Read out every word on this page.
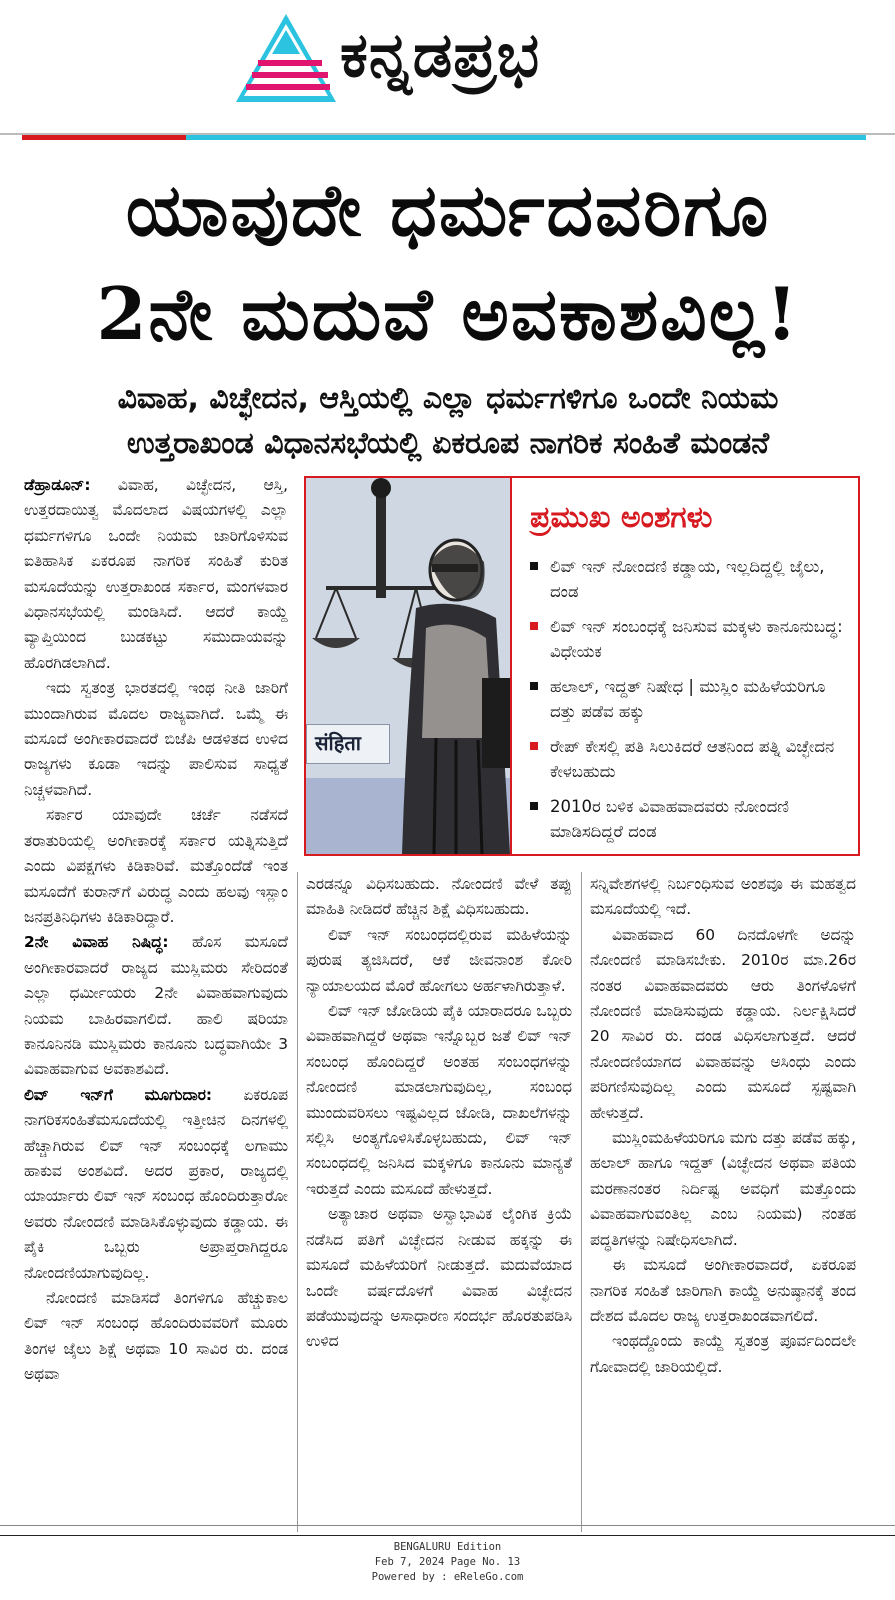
ಕನ್ನಡಪ್ರಭ
ಯಾವುದೇ ಧರ್ಮದವರಿಗೂ
2ನೇ ಮದುವೆ ಅವಕಾಶವಿಲ್ಲ!
ವಿವಾಹ, ವಿಚ್ಛೇದನ, ಆಸ್ತಿಯಲ್ಲಿ ಎಲ್ಲಾ ಧರ್ಮಗಳಿಗೂ ಒಂದೇ ನಿಯಮ
ಉತ್ತರಾಖಂಡ ವಿಧಾನಸಭೆಯಲ್ಲಿ ಏಕರೂಪ ನಾಗರಿಕ ಸಂಹಿತೆ ಮಂಡನೆ
संहिता
ಪ್ರಮುಖ ಅಂಶಗಳು
ಲಿವ್ ಇನ್ ನೋಂದಣಿ ಕಡ್ಡಾಯ, ಇಲ್ಲದಿದ್ದಲ್ಲಿ ಜೈಲು, ದಂಡ
ಲಿವ್ ಇನ್ ಸಂಬಂಧಕ್ಕೆ ಜನಿಸುವ ಮಕ್ಕಳು ಕಾನೂನುಬದ್ಧ: ವಿಧೇಯಕ
ಹಲಾಲ್, ಇದ್ದತ್ ನಿಷೇಧ | ಮುಸ್ಲಿಂ ಮಹಿಳೆಯರಿಗೂ ದತ್ತು ಪಡೆವ ಹಕ್ಕು
ರೇಪ್ ಕೇಸಲ್ಲಿ ಪತಿ ಸಿಲುಕಿದರೆ ಆತನಿಂದ ಪತ್ನಿ ವಿಚ್ಛೇದನ ಕೇಳಬಹುದು
2010ರ ಬಳಿಕ ವಿವಾಹವಾದವರು ನೋಂದಣಿ ಮಾಡಿಸದಿದ್ದರೆ ದಂಡ

ಡೆಹ್ರಾಡೂನ್: ವಿವಾಹ, ವಿಚ್ಛೇದನ, ಆಸ್ತಿ, ಉತ್ತರದಾಯಿತ್ವ ಮೊದಲಾದ ವಿಷಯಗಳಲ್ಲಿ ಎಲ್ಲಾ ಧರ್ಮಗಳಿಗೂ ಒಂದೇ ನಿಯಮ ಜಾರಿಗೊಳಿಸುವ ಐತಿಹಾಸಿಕ ಏಕರೂಪ ನಾಗರಿಕ ಸಂಹಿತೆ ಕುರಿತ ಮಸೂದೆಯನ್ನು ಉತ್ತರಾಖಂಡ ಸರ್ಕಾರ, ಮಂಗಳವಾರ ವಿಧಾನಸಭೆಯಲ್ಲಿ ಮಂಡಿಸಿದೆ. ಆದರೆ ಕಾಯ್ದೆ ವ್ಯಾಪ್ತಿಯಿಂದ ಬುಡಕಟ್ಟು ಸಮುದಾಯವನ್ನು ಹೊರಗಿಡಲಾಗಿದೆ.

ಇದು ಸ್ವತಂತ್ರ ಭಾರತದಲ್ಲಿ ಇಂಥ ನೀತಿ ಜಾರಿಗೆ ಮುಂದಾಗಿರುವ ಮೊದಲ ರಾಜ್ಯವಾಗಿದೆ. ಒಮ್ಮೆ ಈ ಮಸೂದೆ ಅಂಗೀಕಾರವಾದರೆ ಬಿಜೆಪಿ ಆಡಳಿತದ ಉಳಿದ ರಾಜ್ಯಗಳು ಕೂಡಾ ಇದನ್ನು ಪಾಲಿಸುವ ಸಾಧ್ಯತೆ ನಿಚ್ಚಳವಾಗಿದೆ.

ಸರ್ಕಾರ ಯಾವುದೇ ಚರ್ಚೆ ನಡೆಸದೆ ತರಾತುರಿಯಲ್ಲಿ ಅಂಗೀಕಾರಕ್ಕೆ ಸರ್ಕಾರ ಯತ್ನಿಸುತ್ತಿದೆ ಎಂದು ವಿಪಕ್ಷಗಳು ಕಿಡಿಕಾರಿವೆ. ಮತ್ತೊಂದೆಡೆ ಇಂತ ಮಸೂದೆಗೆ ಕುರಾನ್‌ಗೆ ವಿರುದ್ಧ ಎಂದು ಹಲವು ಇಸ್ಲಾಂ ಜನಪ್ರತಿನಿಧಿಗಳು ಕಿಡಿಕಾರಿದ್ದಾರೆ.

2ನೇ ವಿವಾಹ ನಿಷಿದ್ಧ: ಹೊಸ ಮಸೂದೆ ಅಂಗೀಕಾರವಾದರೆ ರಾಜ್ಯದ ಮುಸ್ಲಿಮರು ಸೇರಿದಂತೆ ಎಲ್ಲಾ ಧರ್ಮೀಯರು 2ನೇ ವಿವಾಹವಾಗುವುದು ನಿಯಮ ಬಾಹಿರವಾಗಲಿದೆ. ಹಾಲಿ ಷರಿಯಾ ಕಾನೂನಿನಡಿ ಮುಸ್ಲಿಮರು ಕಾನೂನು ಬದ್ಧವಾಗಿಯೇ 3 ವಿವಾಹವಾಗುವ ಅವಕಾಶವಿದೆ.

ಲಿವ್ ಇನ್‌ಗೆ ಮೂಗುದಾರ: ಏಕರೂಪ ನಾಗರಿಕಸಂಹಿತೆಮಸೂದೆಯಲ್ಲಿ ಇತ್ತೀಚಿನ ದಿನಗಳಲ್ಲಿ ಹೆಚ್ಚಾಗಿರುವ ಲಿವ್ ಇನ್ ಸಂಬಂಧಕ್ಕೆ ಲಗಾಮು ಹಾಕುವ ಅಂಶವಿದೆ. ಅದರ ಪ್ರಕಾರ, ರಾಜ್ಯದಲ್ಲಿ ಯಾರ್ಯಾರು ಲಿವ್ ಇನ್ ಸಂಬಂಧ ಹೊಂದಿರುತ್ತಾರೋ ಅವರು ನೋಂದಣಿ ಮಾಡಿಸಿಕೊಳ್ಳುವುದು ಕಡ್ಡಾಯ. ಈ ಪೈಕಿ ಒಬ್ಬರು ಅಪ್ರಾಪ್ತರಾಗಿದ್ದರೂ ನೋಂದಣಿಯಾಗುವುದಿಲ್ಲ.

ನೋಂದಣಿ ಮಾಡಿಸದೆ ತಿಂಗಳಿಗೂ ಹೆಚ್ಚುಕಾಲ ಲಿವ್ ಇನ್ ಸಂಬಂಧ ಹೊಂದಿರುವವರಿಗೆ ಮೂರು ತಿಂಗಳ ಜೈಲು ಶಿಕ್ಷೆ ಅಥವಾ 10 ಸಾವಿರ ರು. ದಂಡ ಅಥವಾ

ಎರಡನ್ನೂ ವಿಧಿಸಬಹುದು. ನೋಂದಣಿ ವೇಳೆ ತಪ್ಪು ಮಾಹಿತಿ ನೀಡಿದರೆ ಹೆಚ್ಚಿನ ಶಿಕ್ಷೆ ವಿಧಿಸಬಹುದು.

ಲಿವ್ ಇನ್ ಸಂಬಂಧದಲ್ಲಿರುವ ಮಹಿಳೆಯನ್ನು ಪುರುಷ ತ್ಯಜಿಸಿದರೆ, ಆಕೆ ಜೀವನಾಂಶ ಕೋರಿ ನ್ಯಾಯಾಲಯದ ಮೊರೆ ಹೋಗಲು ಅರ್ಹಳಾಗಿರುತ್ತಾಳೆ.

ಲಿವ್ ಇನ್ ಜೋಡಿಯ ಪೈಕಿ ಯಾರಾದರೂ ಒಬ್ಬರು ವಿವಾಹವಾಗಿದ್ದರೆ ಅಥವಾ ಇನ್ನೊಬ್ಬರ ಜತೆ ಲಿವ್ ಇನ್ ಸಂಬಂಧ ಹೊಂದಿದ್ದರೆ ಅಂತಹ ಸಂಬಂಧಗಳನ್ನು ನೋಂದಣಿ ಮಾಡಲಾಗುವುದಿಲ್ಲ, ಸಂಬಂಧ ಮುಂದುವರಿಸಲು ಇಷ್ಟವಿಲ್ಲದ ಜೋಡಿ, ದಾಖಲೆಗಳನ್ನು ಸಲ್ಲಿಸಿ ಅಂತ್ಯಗೊಳಿಸಿಕೊಳ್ಳಬಹುದು, ಲಿವ್ ಇನ್ ಸಂಬಂಧದಲ್ಲಿ ಜನಿಸಿದ ಮಕ್ಕಳಿಗೂ ಕಾನೂನು ಮಾನ್ಯತೆ ಇರುತ್ತದೆ ಎಂದು ಮಸೂದೆ ಹೇಳುತ್ತದೆ.

ಅತ್ಯಾಚಾರ ಅಥವಾ ಅಸ್ವಾಭಾವಿಕ ಲೈಂಗಿಕ ಕ್ರಿಯೆ ನಡೆಸಿದ ಪತಿಗೆ ವಿಚ್ಛೇದನ ನೀಡುವ ಹಕ್ಕನ್ನು ಈ ಮಸೂದೆ ಮಹಿಳೆಯರಿಗೆ ನೀಡುತ್ತದೆ. ಮದುವೆಯಾದ ಒಂದೇ ವರ್ಷದೊಳಗೆ ವಿವಾಹ ವಿಚ್ಛೇದನ ಪಡೆಯುವುದನ್ನು ಅಸಾಧಾರಣ ಸಂದರ್ಭ ಹೊರತುಪಡಿಸಿ ಉಳಿದ

ಸನ್ನಿವೇಶಗಳಲ್ಲಿ ನಿರ್ಬಂಧಿಸುವ ಅಂಶವೂ ಈ ಮಹತ್ವದ ಮಸೂದೆಯಲ್ಲಿ ಇದೆ.

ವಿವಾಹವಾದ 60 ದಿನದೊಳಗೇ ಅದನ್ನು ನೋಂದಣಿ ಮಾಡಿಸಬೇಕು. 2010ರ ಮಾ.26ರ ನಂತರ ವಿವಾಹವಾದವರು ಆರು ತಿಂಗಳೊಳಗೆ ನೋಂದಣಿ ಮಾಡಿಸುವುದು ಕಡ್ಡಾಯ. ನಿರ್ಲಕ್ಷಿಸಿದರೆ 20 ಸಾವಿರ ರು. ದಂಡ ವಿಧಿಸಲಾಗುತ್ತದೆ. ಆದರೆ ನೋಂದಣಿಯಾಗದ ವಿವಾಹವನ್ನು ಅಸಿಂಧು ಎಂದು ಪರಿಗಣಿಸುವುದಿಲ್ಲ ಎಂದು ಮಸೂದೆ ಸ್ಪಷ್ಟವಾಗಿ ಹೇಳುತ್ತದೆ.

ಮುಸ್ಲಿಂಮಹಿಳೆಯರಿಗೂ ಮಗು ದತ್ತು ಪಡೆವ ಹಕ್ಕು, ಹಲಾಲ್ ಹಾಗೂ ಇದ್ದತ್ (ವಿಚ್ಛೇದನ ಅಥವಾ ಪತಿಯ ಮರಣಾನಂತರ ನಿರ್ದಿಷ್ಟ ಅವಧಿಗೆ ಮತ್ತೊಂದು ವಿವಾಹವಾಗುವಂತಿಲ್ಲ ಎಂಬ ನಿಯಮ) ನಂತಹ ಪದ್ಧತಿಗಳನ್ನು ನಿಷೇಧಿಸಲಾಗಿದೆ.

ಈ ಮಸೂದೆ ಅಂಗೀಕಾರವಾದರೆ, ಏಕರೂಪ ನಾಗರಿಕ ಸಂಹಿತೆ ಜಾರಿಗಾಗಿ ಕಾಯ್ದೆ ಅನುಷ್ಠಾನಕ್ಕೆ ತಂದ ದೇಶದ ಮೊದಲ ರಾಜ್ಯ ಉತ್ತರಾಖಂಡವಾಗಲಿದೆ.

ಇಂಥದ್ದೊಂದು ಕಾಯ್ದೆ ಸ್ವತಂತ್ರ ಪೂರ್ವದಿಂದಲೇ ಗೋವಾದಲ್ಲಿ ಜಾರಿಯಲ್ಲಿದೆ.

BENGALURU Edition
Feb 7, 2024 Page No. 13
Powered by : eReleGo.com
